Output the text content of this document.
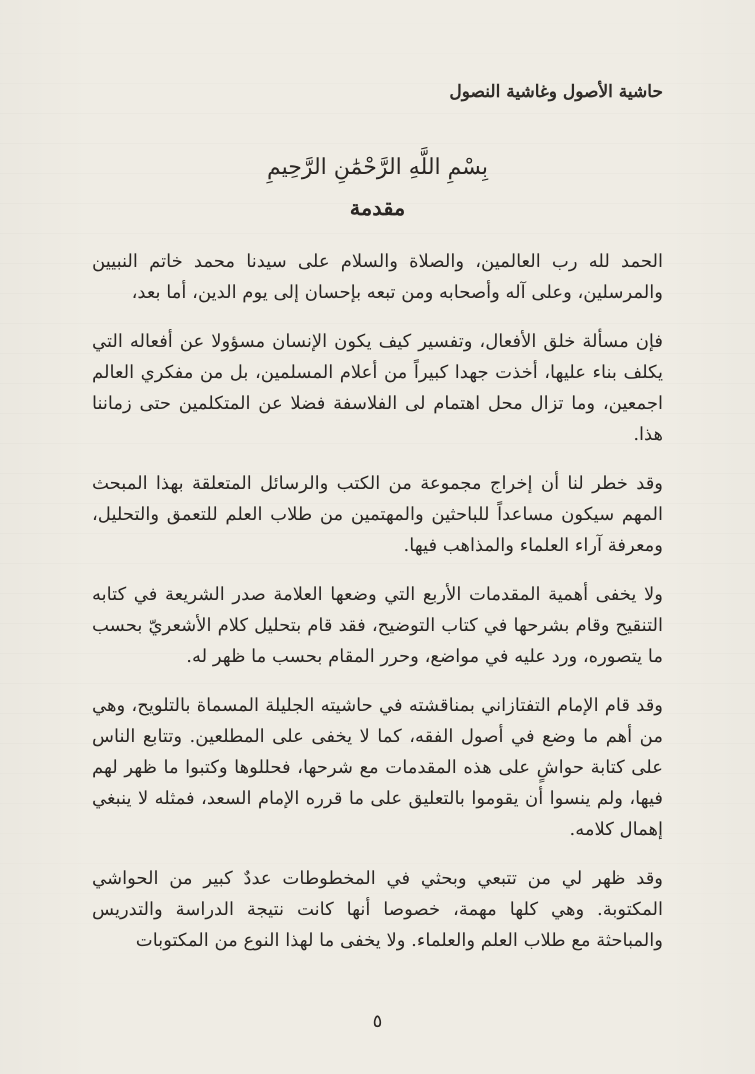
حاشية الأصول وغاشية النصول
بِسْمِ اللَّهِ الرَّحْمَٰنِ الرَّحِيمِ
مقدمة

الحمد لله رب العالمين، والصلاة والسلام على سيدنا محمد خاتم النبيين والمرسلين، وعلى آله وأصحابه ومن تبعه بإحسان إلى يوم الدين، أما بعد،

فإن مسألة خلق الأفعال، وتفسير كيف يكون الإنسان مسؤولا عن أفعاله التي يكلف بناء عليها، أخذت جهدا كبيراً من أعلام المسلمين، بل من مفكري العالم اجمعين، وما تزال محل اهتمام لى الفلاسفة فضلا عن المتكلمين حتى زماننا هذا.

وقد خطر لنا أن إخراج مجموعة من الكتب والرسائل المتعلقة بهذا المبحث المهم سيكون مساعداً للباحثين والمهتمين من طلاب العلم للتعمق والتحليل، ومعرفة آراء العلماء والمذاهب فيها.

ولا يخفى أهمية المقدمات الأربع التي وضعها العلامة صدر الشريعة في كتابه التنقيح وقام بشرحها في كتاب التوضيح، فقد قام بتحليل كلام الأشعريّ بحسب ما يتصوره، ورد عليه في مواضع، وحرر المقام بحسب ما ظهر له.

وقد قام الإمام التفتازاني بمناقشته في حاشيته الجليلة المسماة بالتلويح، وهي من أهم ما وضع في أصول الفقه، كما لا يخفى على المطلعين. وتتابع الناس على كتابة حواشٍ على هذه المقدمات مع شرحها، فحللوها وكتبوا ما ظهر لهم فيها، ولم ينسوا أن يقوموا بالتعليق على ما قرره الإمام السعد، فمثله لا ينبغي إهمال كلامه.

وقد ظهر لي من تتبعي وبحثي في المخطوطات عددٌ كبير من الحواشي المكتوبة. وهي كلها مهمة، خصوصا أنها كانت نتيجة الدراسة والتدريس والمباحثة مع طلاب العلم والعلماء. ولا يخفى ما لهذا النوع من المكتوبات

٥
